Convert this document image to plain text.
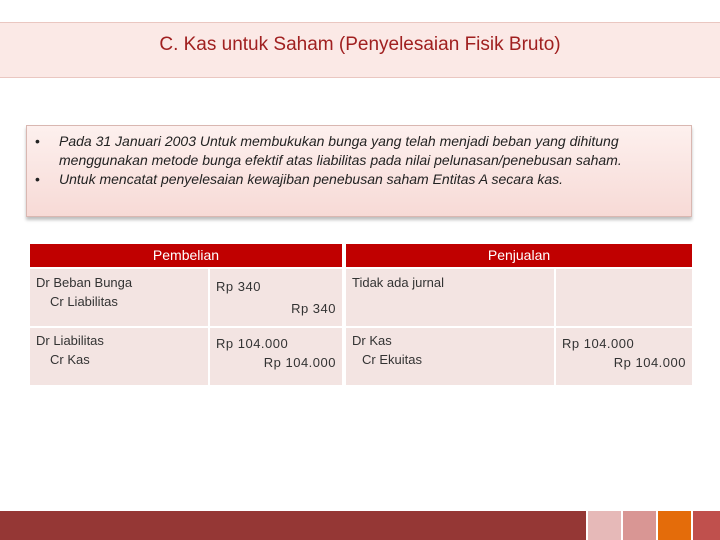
C. Kas untuk Saham (Penyelesaian Fisik Bruto)
• Pada 31 Januari 2003 Untuk membukukan bunga yang telah menjadi beban yang dihitung menggunakan metode bunga efektif atas liabilitas pada nilai pelunasan/penebusan saham.
• Untuk mencatat penyelesaian kewajiban penebusan saham Entitas A secara kas.
Pembelian	Penjualan
Dr Beban Bunga
Cr Liabilitas
Rp 340
Rp 340
Tidak ada jurnal
Dr Liabilitas
Cr Kas
Rp 104.000
Rp 104.000
Dr Kas
Cr Ekuitas
Rp 104.000
Rp 104.000
